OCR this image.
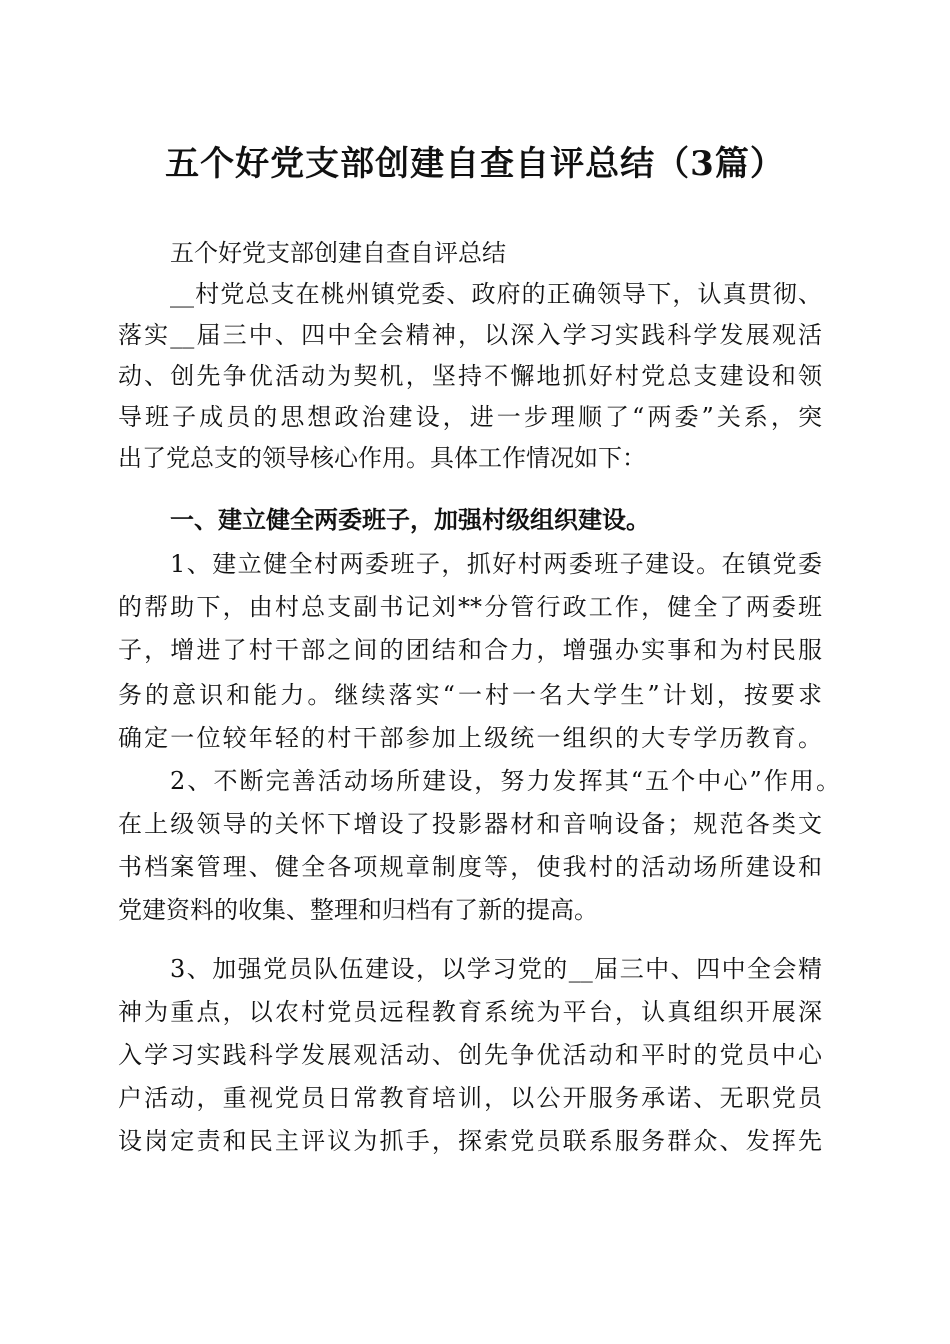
五个好党支部创建自查自评总结（3篇）
五个好党支部创建自查自评总结
__村党总支在桃州镇党委、政府的正确领导下，认真贯彻、
落实__届三中、四中全会精神，以深入学习实践科学发展观活
动、创先争优活动为契机，坚持不懈地抓好村党总支建设和领
导班子成员的思想政治建设，进一步理顺了“两委”关系，突
出了党总支的领导核心作用。具体工作情况如下：
一、建立健全两委班子，加强村级组织建设。
1、建立健全村两委班子，抓好村两委班子建设。在镇党委
的帮助下，由村总支副书记刘**分管行政工作，健全了两委班
子，增进了村干部之间的团结和合力，增强办实事和为村民服
务的意识和能力。继续落实“一村一名大学生”计划，按要求
确定一位较年轻的村干部参加上级统一组织的大专学历教育。
2、不断完善活动场所建设，努力发挥其“五个中心”作用。
在上级领导的关怀下增设了投影器材和音响设备；规范各类文
书档案管理、健全各项规章制度等，使我村的活动场所建设和
党建资料的收集、整理和归档有了新的提高。
3、加强党员队伍建设，以学习党的__届三中、四中全会精
神为重点，以农村党员远程教育系统为平台，认真组织开展深
入学习实践科学发展观活动、创先争优活动和平时的党员中心
户活动，重视党员日常教育培训，以公开服务承诺、无职党员
设岗定责和民主评议为抓手，探索党员联系服务群众、发挥先
